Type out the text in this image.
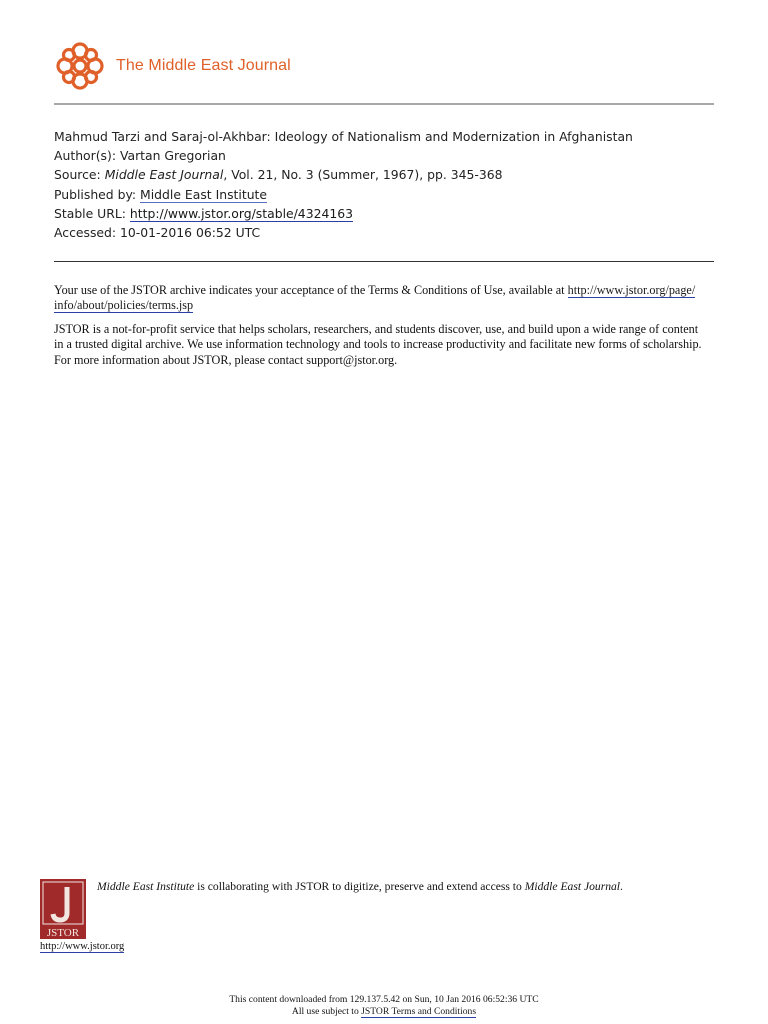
The Middle East Journal
Mahmud Tarzi and Saraj-ol-Akhbar: Ideology of Nationalism and Modernization in Afghanistan
Author(s): Vartan Gregorian
Source: Middle East Journal, Vol. 21, No. 3 (Summer, 1967), pp. 345-368
Published by: Middle East Institute
Stable URL: http://www.jstor.org/stable/4324163
Accessed: 10-01-2016 06:52 UTC

Your use of the JSTOR archive indicates your acceptance of the Terms & Conditions of Use, available at http://www.jstor.org/page/
info/about/policies/terms.jsp

JSTOR is a not-for-profit service that helps scholars, researchers, and students discover, use, and build upon a wide range of content
in a trusted digital archive. We use information technology and tools to increase productivity and facilitate new forms of scholarship.
For more information about JSTOR, please contact support@jstor.org.

JSTOR
Middle East Institute is collaborating with JSTOR to digitize, preserve and extend access to Middle East Journal.
http://www.jstor.org
This content downloaded from 129.137.5.42 on Sun, 10 Jan 2016 06:52:36 UTC
All use subject to JSTOR Terms and Conditions
